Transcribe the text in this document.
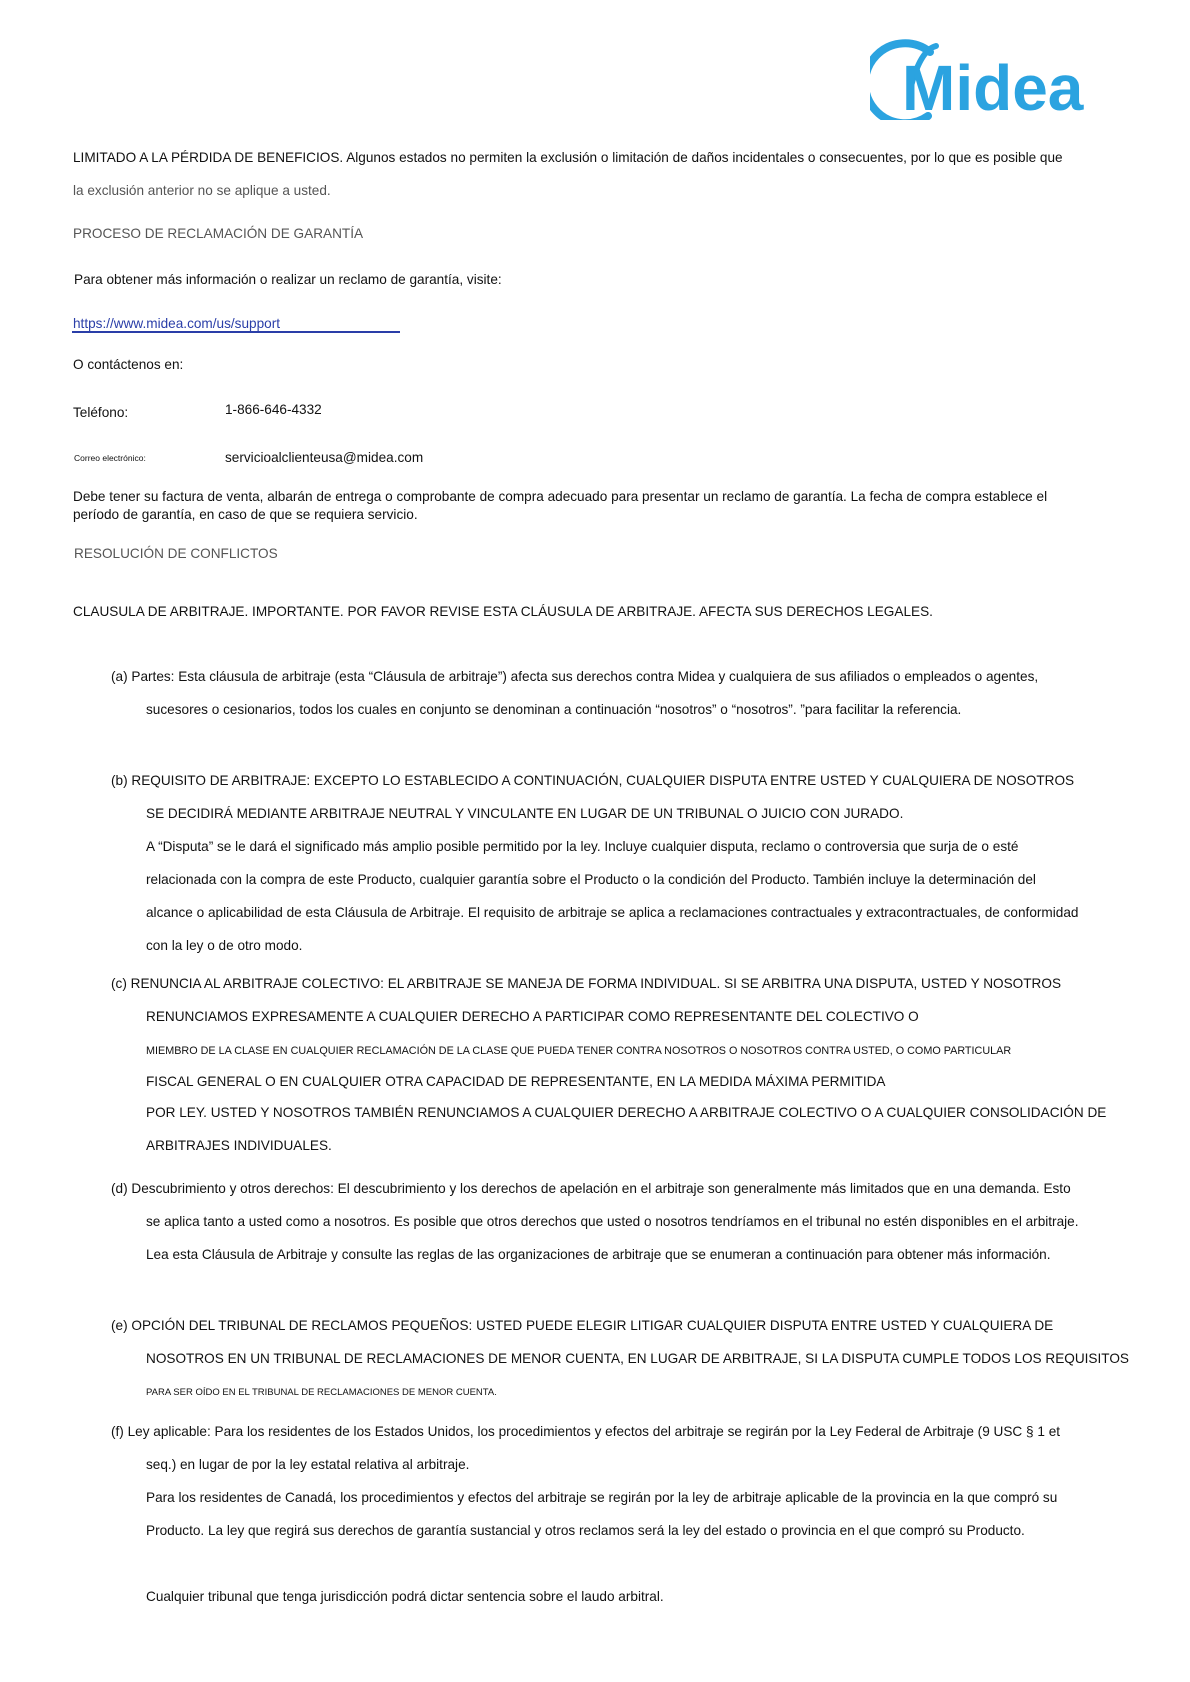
Midea
LIMITADO A LA PÉRDIDA DE BENEFICIOS. Algunos estados no permiten la exclusión o limitación de daños incidentales o consecuentes, por lo que es posible que
la exclusión anterior no se aplique a usted.
PROCESO DE RECLAMACIÓN DE GARANTÍA
Para obtener más información o realizar un reclamo de garantía, visite:
https://www.midea.com/us/support
O contáctenos en:
Teléfono:	1-866-646-4332
Correo electrónico:	servicioalclienteusa@midea.com
Debe tener su factura de venta, albarán de entrega o comprobante de compra adecuado para presentar un reclamo de garantía. La fecha de compra establece el
período de garantía, en caso de que se requiera servicio.
RESOLUCIÓN DE CONFLICTOS
CLAUSULA DE ARBITRAJE. IMPORTANTE. POR FAVOR REVISE ESTA CLÁUSULA DE ARBITRAJE. AFECTA SUS DERECHOS LEGALES.
(a) Partes: Esta cláusula de arbitraje (esta “Cláusula de arbitraje”) afecta sus derechos contra Midea y cualquiera de sus afiliados o empleados o agentes,
sucesores o cesionarios, todos los cuales en conjunto se denominan a continuación “nosotros” o “nosotros”. ”para facilitar la referencia.
(b) REQUISITO DE ARBITRAJE: EXCEPTO LO ESTABLECIDO A CONTINUACIÓN, CUALQUIER DISPUTA ENTRE USTED Y CUALQUIERA DE NOSOTROS
SE DECIDIRÁ MEDIANTE ARBITRAJE NEUTRAL Y VINCULANTE EN LUGAR DE UN TRIBUNAL O JUICIO CON JURADO.
A “Disputa” se le dará el significado más amplio posible permitido por la ley. Incluye cualquier disputa, reclamo o controversia que surja de o esté
relacionada con la compra de este Producto, cualquier garantía sobre el Producto o la condición del Producto. También incluye la determinación del
alcance o aplicabilidad de esta Cláusula de Arbitraje. El requisito de arbitraje se aplica a reclamaciones contractuales y extracontractuales, de conformidad
con la ley o de otro modo.
(c) RENUNCIA AL ARBITRAJE COLECTIVO: EL ARBITRAJE SE MANEJA DE FORMA INDIVIDUAL. SI SE ARBITRA UNA DISPUTA, USTED Y NOSOTROS
RENUNCIAMOS EXPRESAMENTE A CUALQUIER DERECHO A PARTICIPAR COMO REPRESENTANTE DEL COLECTIVO O
MIEMBRO DE LA CLASE EN CUALQUIER RECLAMACIÓN DE LA CLASE QUE PUEDA TENER CONTRA NOSOTROS O NOSOTROS CONTRA USTED, O COMO PARTICULAR
FISCAL GENERAL O EN CUALQUIER OTRA CAPACIDAD DE REPRESENTANTE, EN LA MEDIDA MÁXIMA PERMITIDA
POR LEY. USTED Y NOSOTROS TAMBIÉN RENUNCIAMOS A CUALQUIER DERECHO A ARBITRAJE COLECTIVO O A CUALQUIER CONSOLIDACIÓN DE
ARBITRAJES INDIVIDUALES.
(d) Descubrimiento y otros derechos: El descubrimiento y los derechos de apelación en el arbitraje son generalmente más limitados que en una demanda. Esto
se aplica tanto a usted como a nosotros. Es posible que otros derechos que usted o nosotros tendríamos en el tribunal no estén disponibles en el arbitraje.
Lea esta Cláusula de Arbitraje y consulte las reglas de las organizaciones de arbitraje que se enumeran a continuación para obtener más información.
(e) OPCIÓN DEL TRIBUNAL DE RECLAMOS PEQUEÑOS: USTED PUEDE ELEGIR LITIGAR CUALQUIER DISPUTA ENTRE USTED Y CUALQUIERA DE
NOSOTROS EN UN TRIBUNAL DE RECLAMACIONES DE MENOR CUENTA, EN LUGAR DE ARBITRAJE, SI LA DISPUTA CUMPLE TODOS LOS REQUISITOS
PARA SER OÍDO EN EL TRIBUNAL DE RECLAMACIONES DE MENOR CUENTA.
(f) Ley aplicable: Para los residentes de los Estados Unidos, los procedimientos y efectos del arbitraje se regirán por la Ley Federal de Arbitraje (9 USC § 1 et
seq.) en lugar de por la ley estatal relativa al arbitraje.
Para los residentes de Canadá, los procedimientos y efectos del arbitraje se regirán por la ley de arbitraje aplicable de la provincia en la que compró su
Producto. La ley que regirá sus derechos de garantía sustancial y otros reclamos será la ley del estado o provincia en el que compró su Producto.
Cualquier tribunal que tenga jurisdicción podrá dictar sentencia sobre el laudo arbitral.
